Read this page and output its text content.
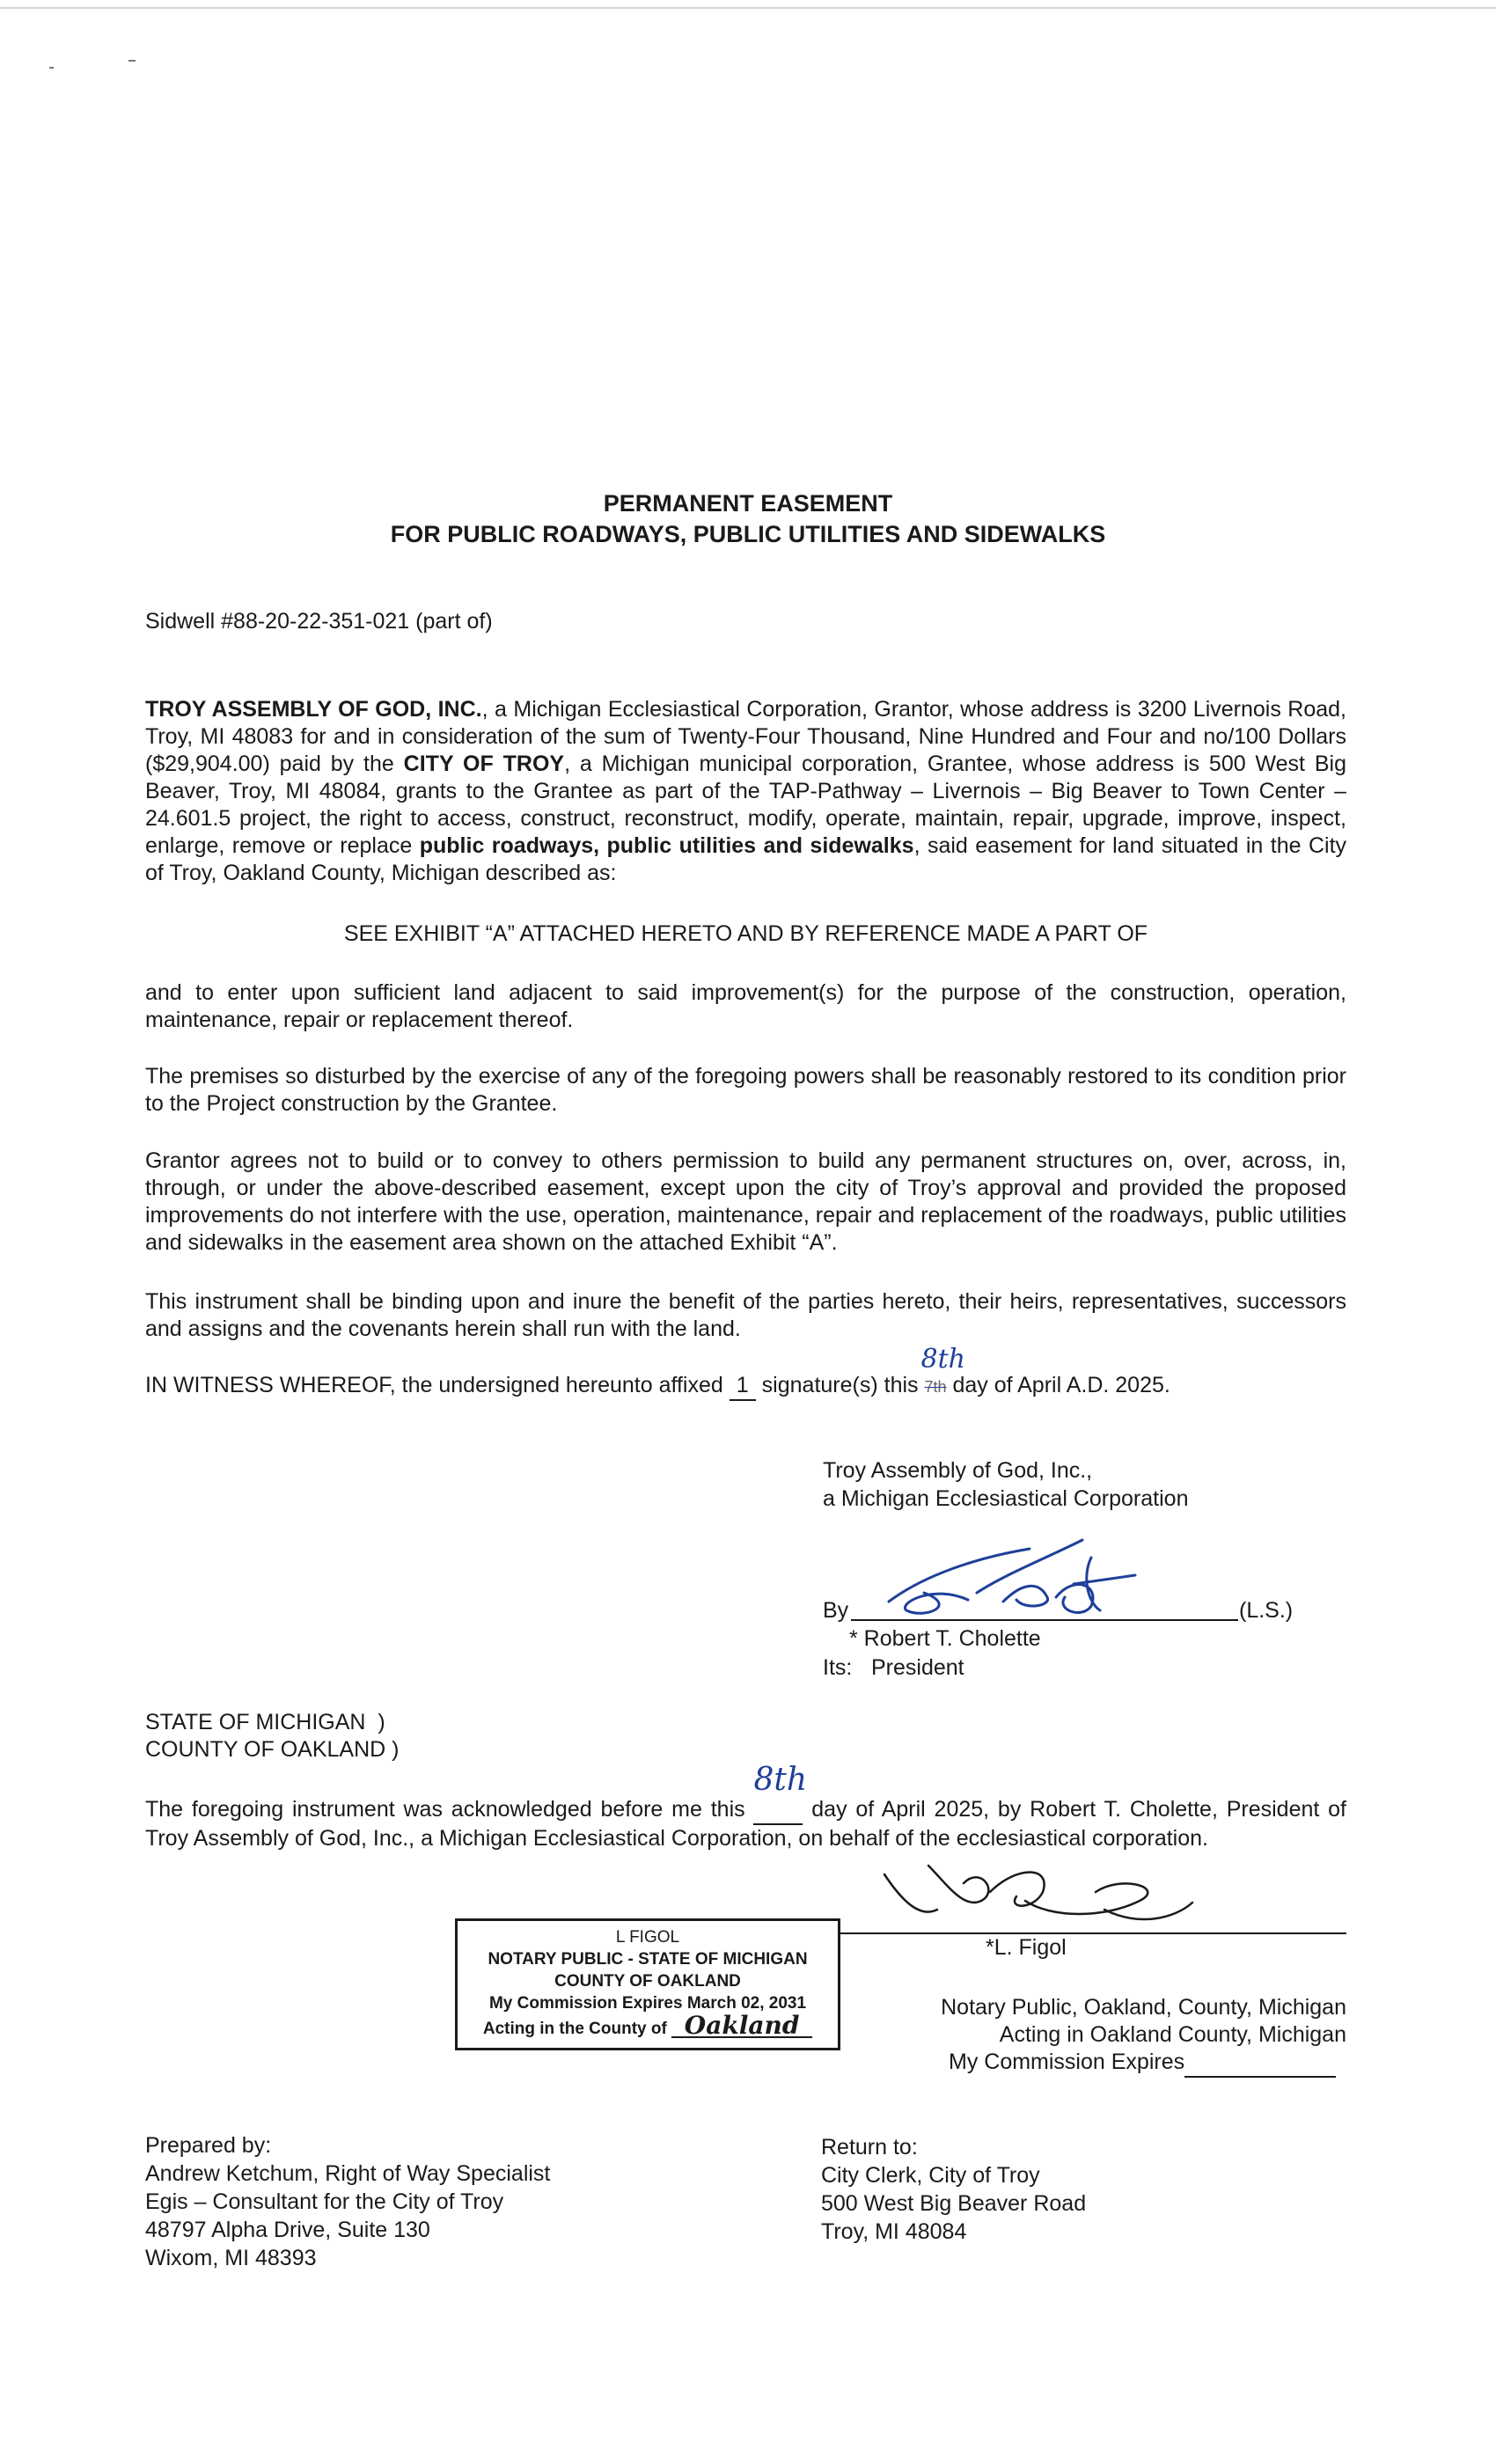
PERMANENT EASEMENT
FOR PUBLIC ROADWAYS, PUBLIC UTILITIES AND SIDEWALKS
Sidwell #88-20-22-351-021 (part of)
TROY ASSEMBLY OF GOD, INC., a Michigan Ecclesiastical Corporation, Grantor, whose address is 3200 Livernois Road, Troy, MI 48083 for and in consideration of the sum of Twenty-Four Thousand, Nine Hundred and Four and no/100 Dollars ($29,904.00) paid by the CITY OF TROY, a Michigan municipal corporation, Grantee, whose address is 500 West Big Beaver, Troy, MI 48084, grants to the Grantee as part of the TAP-Pathway – Livernois – Big Beaver to Town Center – 24.601.5 project, the right to access, construct, reconstruct, modify, operate, maintain, repair, upgrade, improve, inspect, enlarge, remove or replace public roadways, public utilities and sidewalks, said easement for land situated in the City of Troy, Oakland County, Michigan described as:
SEE EXHIBIT “A” ATTACHED HERETO AND BY REFERENCE MADE A PART OF
and to enter upon sufficient land adjacent to said improvement(s) for the purpose of the construction, operation, maintenance, repair or replacement thereof.
The premises so disturbed by the exercise of any of the foregoing powers shall be reasonably restored to its condition prior to the Project construction by the Grantee.
Grantor agrees not to build or to convey to others permission to build any permanent structures on, over, across, in, through, or under the above-described easement, except upon the city of Troy’s approval and provided the proposed improvements do not interfere with the use, operation, maintenance, repair and replacement of the roadways, public utilities and sidewalks in the easement area shown on the attached Exhibit “A”.
This instrument shall be binding upon and inure the benefit of the parties hereto, their heirs, representatives, successors and assigns and the covenants herein shall run with the land.
IN WITNESS WHEREOF, the undersigned hereunto affixed 1 signature(s) this 7th
8th
day of April A.D. 2025.
Troy Assembly of God, Inc.,
a Michigan Ecclesiastical Corporation
By	(L.S.)
* Robert T. Cholette
Its: President
STATE OF MICHIGAN  )
COUNTY OF OAKLAND )
The foregoing instrument was acknowledged before me this
8th
day of April 2025, by Robert T. Cholette, President of Troy Assembly of God, Inc., a Michigan Ecclesiastical Corporation, on behalf of the ecclesiastical corporation.
L FIGOL
NOTARY PUBLIC - STATE OF MICHIGAN
COUNTY OF OAKLAND
My Commission Expires March 02, 2031
Acting in the County of Oakland
*L. Figol
Notary Public, Oakland, County, Michigan
Acting in Oakland County, Michigan
My Commission Expires
Prepared by:
Andrew Ketchum, Right of Way Specialist
Egis – Consultant for the City of Troy
48797 Alpha Drive, Suite 130
Wixom, MI 48393
Return to:
City Clerk, City of Troy
500 West Big Beaver Road
Troy, MI 48084
